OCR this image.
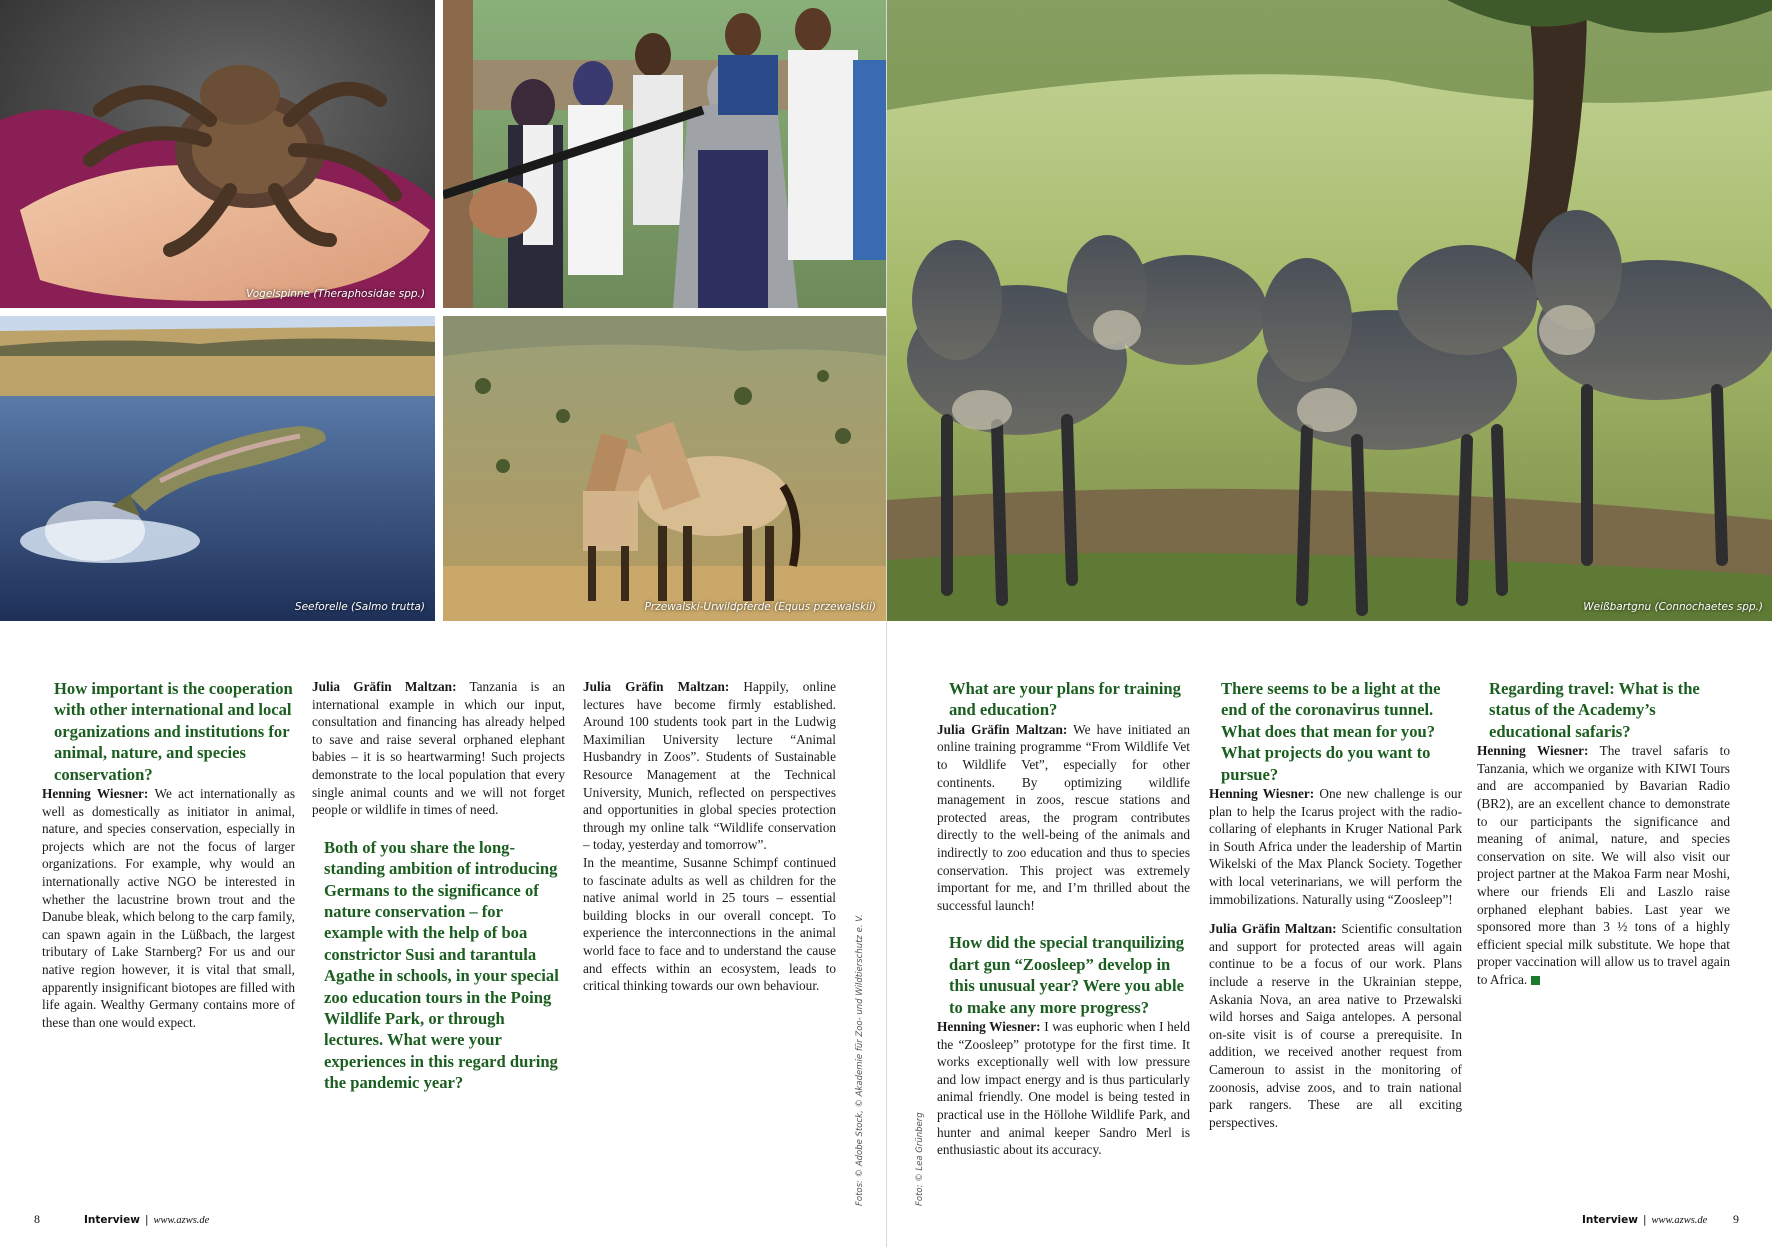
Vogelspinne (Theraphosidae spp.)
Seeforelle (Salmo trutta)	Przewalski-Urwildpferde (Equus przewalskii)

How important is the cooperation with other international and local organizations and institutions for animal, nature, and species conservation?

Henning Wiesner: We act internationally as well as domestically as initiator in animal, nature, and species conservation, especially in projects which are not the focus of larger organizations. For example, why would an internationally active NGO be interested in whether the lacustrine brown trout and the Danube bleak, which belong to the carp family, can spawn again in the Lüßbach, the largest tributary of Lake Starnberg? For us and our native region however, it is vital that small, apparently insignificant biotopes are filled with life again. Wealthy Germany contains more of these than one would expect.

Julia Gräfin Maltzan: Tanzania is an international example in which our input, consultation and financing has already helped to save and raise several orphaned elephant babies – it is so heartwarming! Such projects demonstrate to the local population that every single animal counts and we will not forget people or wildlife in times of need.

Both of you share the long-standing ambition of introducing Germans to the significance of nature conservation – for example with the help of boa constrictor Susi and tarantula Agathe in schools, in your special zoo education tours in the Poing Wildlife Park, or through lectures. What were your experiences in this regard during the pandemic year?

Julia Gräfin Maltzan: Happily, online lectures have become firmly established. Around 100 students took part in the Ludwig Maximilian University lecture “Animal Husbandry in Zoos”. Students of Sustainable Resource Management at the Technical University, Munich, reflected on perspectives and opportunities in global species protection through my online talk “Wildlife conservation – today, yesterday and tomorrow”.

In the meantime, Susanne Schimpf continued to fascinate adults as well as children for the native animal world in 25 tours – essential building blocks in our overall concept. To experience the interconnections in the animal world face to face and to understand the cause and effects within an ecosystem, leads to critical thinking towards our own behaviour.	Fotos: © Adobe Stock, © Akademie für Zoo- und Wildtierschutz e. V.
8	Interview | www.azws.de
Weißbartgnu (Connochaetes spp.)

What are your plans for training and education?

Julia Gräfin Maltzan: We have initiated an online training programme “From Wildlife Vet to Wildlife Vet”, especially for other continents. By optimizing wildlife management in zoos, rescue stations and protected areas, the program contributes directly to the well-being of the animals and indirectly to zoo education and thus to species conservation. This project was extremely important for me, and I’m thrilled about the successful launch!

How did the special tranquilizing dart gun “Zoosleep” develop in this unusual year? Were you able to make any more progress?

Henning Wiesner: I was euphoric when I held the “Zoosleep” prototype for the first time. It works exceptionally well with low pressure and low impact energy and is thus particularly animal friendly. One model is being tested in practical use in the Höllohe Wildlife Park, and hunter and animal keeper Sandro Merl is enthusiastic about its accuracy.

There seems to be a light at the end of the coronavirus tunnel. What does that mean for you? What projects do you want to pursue?

Henning Wiesner: One new challenge is our plan to help the Icarus project with the radio-collaring of elephants in Kruger National Park in South Africa under the leadership of Martin Wikelski of the Max Planck Society. Together with local veterinarians, we will perform the immobilizations. Naturally using “Zoosleep”!

Julia Gräfin Maltzan: Scientific consultation and support for protected areas will again continue to be a focus of our work. Plans include a reserve in the Ukrainian steppe, Askania Nova, an area native to Przewalski wild horses and Saiga antelopes. A personal on-site visit is of course a prerequisite. In addition, we received another request from Cameroun to assist in the monitoring of zoonosis, advise zoos, and to train national park rangers. These are all exciting perspectives.

Regarding travel: What is the status of the Academy’s educational safaris?

Henning Wiesner: The travel safaris to Tanzania, which we organize with KIWI Tours and are accompanied by Bavarian Radio (BR2), are an excellent chance to demonstrate to our participants the significance and meaning of animal, nature, and species conservation on site. We will also visit our project partner at the Makoa Farm near Moshi, where our friends Eli and Laszlo raise orphaned elephant babies. Last year we sponsored more than 3 ½ tons of a highly efficient special milk substitute. We hope that proper vaccination will allow us to travel again to Africa.

Foto: © Lea Grünberg
Interview | www.azws.de 9
